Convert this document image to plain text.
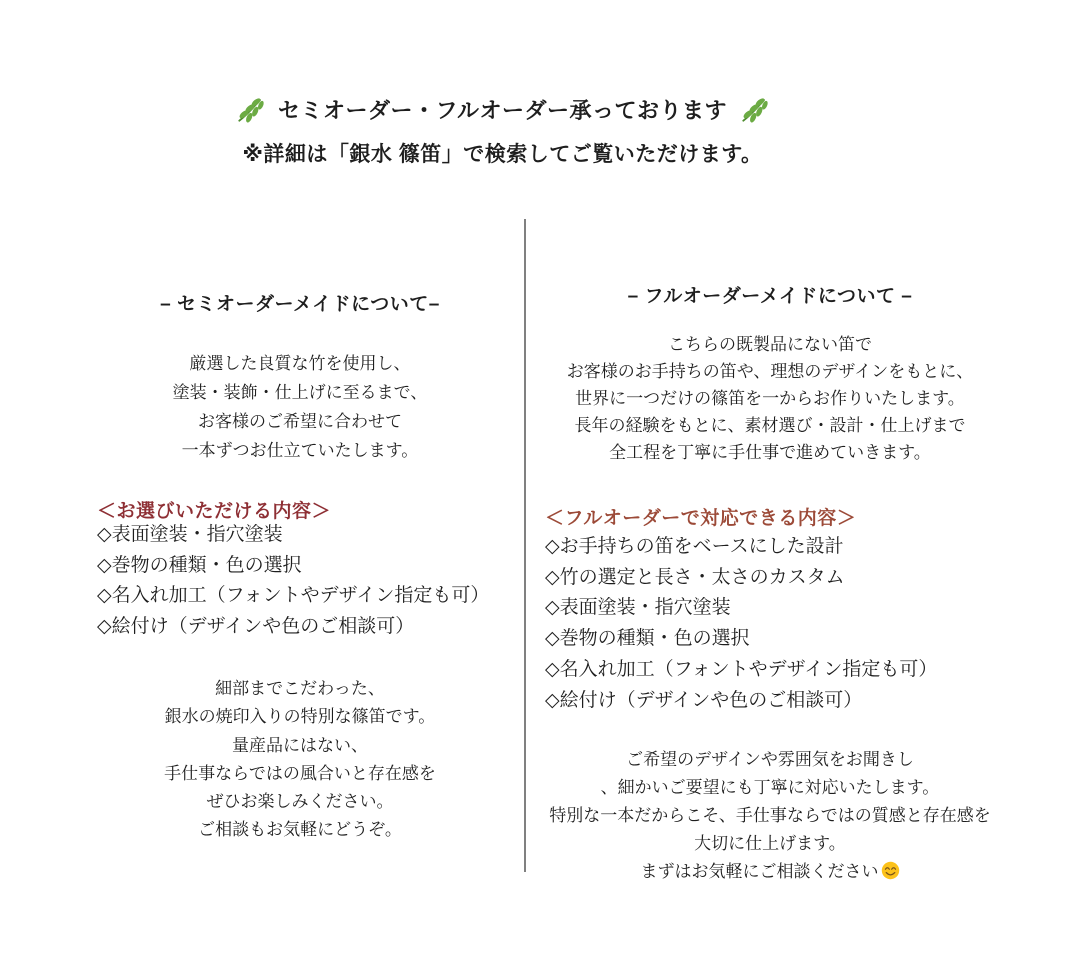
セミオーダー・フルオーダー承っております
※詳細は「銀水 篠笛」で検索してご覧いただけます。
– セミオーダーメイドについて–
厳選した良質な竹を使用し、
塗装・装飾・仕上げに至るまで、
お客様のご希望に合わせて
一本ずつお仕立ていたします。
＜お選びいただける内容＞
◇表面塗装・指穴塗装
◇巻物の種類・色の選択
◇名入れ加工（フォントやデザイン指定も可）
◇絵付け（デザインや色のご相談可）
細部までこだわった、
銀水の焼印入りの特別な篠笛です。
量産品にはない、
手仕事ならではの風合いと存在感を
ぜひお楽しみください。
ご相談もお気軽にどうぞ。
– フルオーダーメイドについて –
こちらの既製品にない笛で
お客様のお手持ちの笛や、理想のデザインをもとに、
世界に一つだけの篠笛を一からお作りいたします。
長年の経験をもとに、素材選び・設計・仕上げまで
全工程を丁寧に手仕事で進めていきます。
＜フルオーダーで対応できる内容＞
◇お手持ちの笛をベースにした設計
◇竹の選定と長さ・太さのカスタム
◇表面塗装・指穴塗装
◇巻物の種類・色の選択
◇名入れ加工（フォントやデザイン指定も可）
◇絵付け（デザインや色のご相談可）
ご希望のデザインや雰囲気をお聞きし
、細かいご要望にも丁寧に対応いたします。
特別な一本だからこそ、手仕事ならではの質感と存在感を
大切に仕上げます。
まずはお気軽にご相談ください
